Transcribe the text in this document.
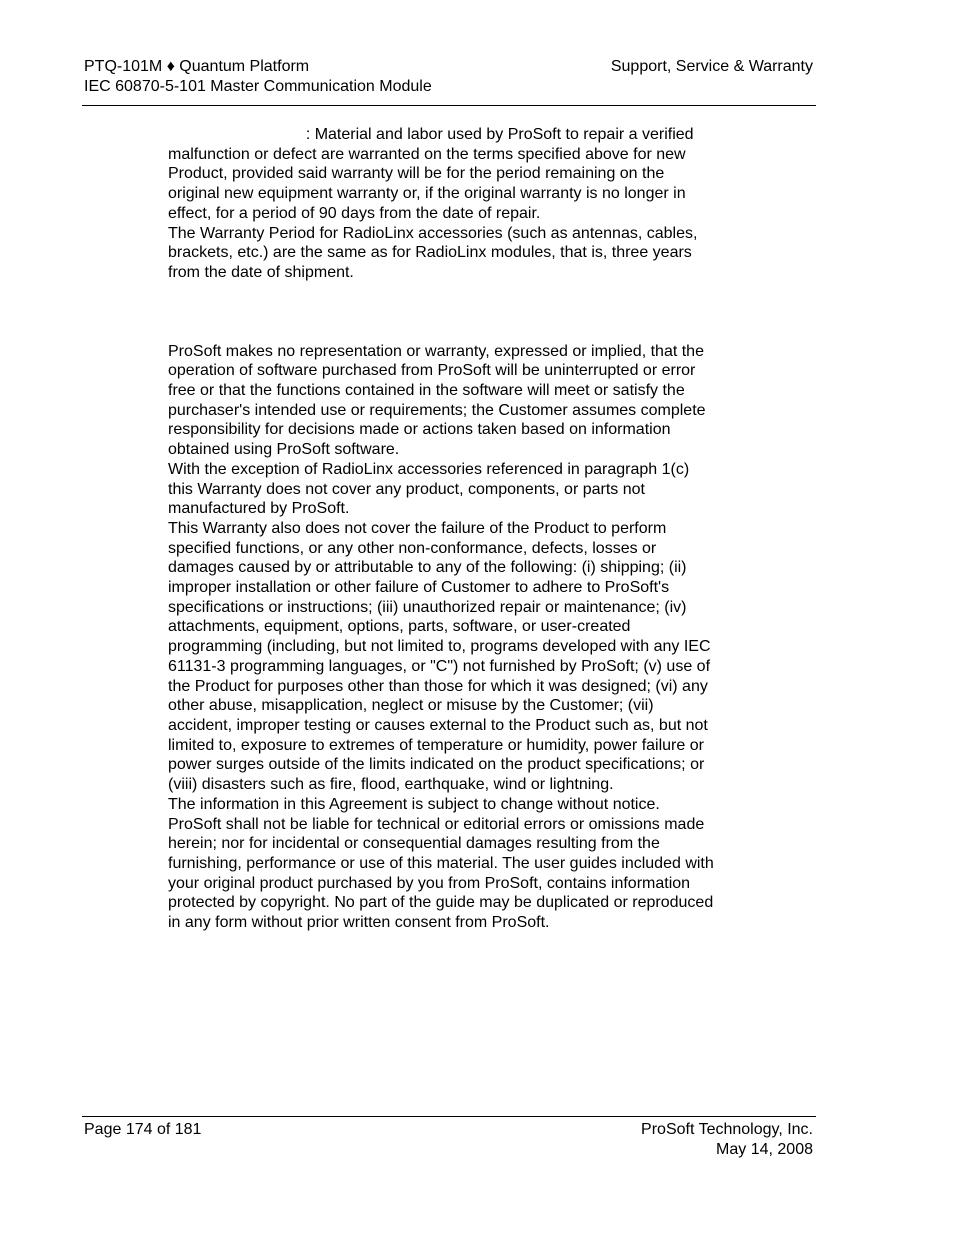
PTQ-101M ♦ Quantum Platform
IEC 60870-5-101 Master Communication Module
Support, Service & Warranty

: Material and labor used by ProSoft to repair a verified
malfunction or defect are warranted on the terms specified above for new
Product, provided said warranty will be for the period remaining on the
original new equipment warranty or, if the original warranty is no longer in
effect, for a period of 90 days from the date of repair.

The Warranty Period for RadioLinx accessories (such as antennas, cables,
brackets, etc.) are the same as for RadioLinx modules, that is, three years
from the date of shipment.

ProSoft makes no representation or warranty, expressed or implied, that the
operation of software purchased from ProSoft will be uninterrupted or error
free or that the functions contained in the software will meet or satisfy the
purchaser's intended use or requirements; the Customer assumes complete
responsibility for decisions made or actions taken based on information
obtained using ProSoft software.

With the exception of RadioLinx accessories referenced in paragraph 1(c)
this Warranty does not cover any product, components, or parts not
manufactured by ProSoft.

This Warranty also does not cover the failure of the Product to perform
specified functions, or any other non-conformance, defects, losses or
damages caused by or attributable to any of the following: (i) shipping; (ii)
improper installation or other failure of Customer to adhere to ProSoft's
specifications or instructions; (iii) unauthorized repair or maintenance; (iv)
attachments, equipment, options, parts, software, or user-created
programming (including, but not limited to, programs developed with any IEC
61131-3 programming languages, or "C") not furnished by ProSoft; (v) use of
the Product for purposes other than those for which it was designed; (vi) any
other abuse, misapplication, neglect or misuse by the Customer; (vii)
accident, improper testing or causes external to the Product such as, but not
limited to, exposure to extremes of temperature or humidity, power failure or
power surges outside of the limits indicated on the product specifications; or
(viii) disasters such as fire, flood, earthquake, wind or lightning.

The information in this Agreement is subject to change without notice.
ProSoft shall not be liable for technical or editorial errors or omissions made
herein; nor for incidental or consequential damages resulting from the
furnishing, performance or use of this material. The user guides included with
your original product purchased by you from ProSoft, contains information
protected by copyright. No part of the guide may be duplicated or reproduced
in any form without prior written consent from ProSoft.

Page 174 of 181	ProSoft Technology, Inc.
May 14, 2008
